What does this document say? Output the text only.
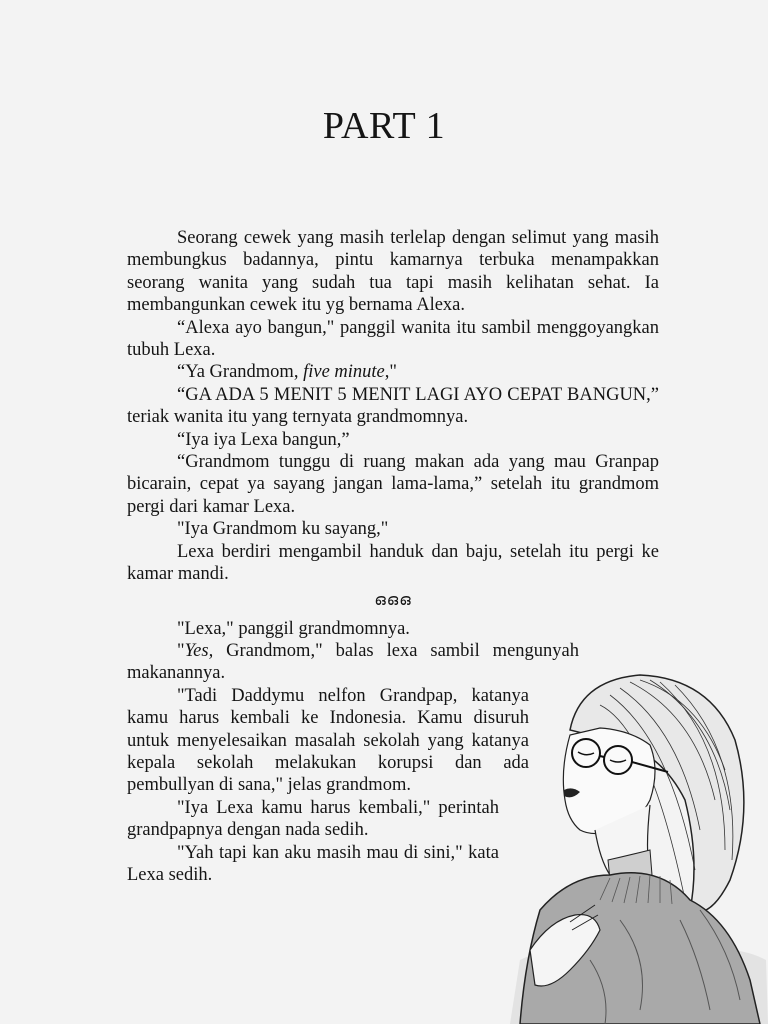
PART 1

Seorang cewek yang masih terlelap dengan selimut yang masih membungkus badannya, pintu kamarnya terbuka menampakkan seorang wanita yang sudah tua tapi masih kelihatan sehat. Ia membangunkan cewek itu yg bernama Alexa.

“Alexa ayo bangun," panggil wanita itu sambil menggoyangkan tubuh Lexa.

“Ya Grandmom, five minute,"

“GA ADA 5 MENIT 5 MENIT LAGI AYO CEPAT BANGUN,” teriak wanita itu yang ternyata grandmomnya.

“Iya iya Lexa bangun,”

“Grandmom tunggu di ruang makan ada yang mau Granpap bicarain, cepat ya sayang jangan lama-lama,” setelah itu grandmom pergi dari kamar Lexa.

"Iya Grandmom ku sayang,"

Lexa berdiri mengambil handuk dan baju, setelah itu pergi ke kamar mandi.

ഒഒഒ

"Lexa," panggil grandmomnya.

"Yes, Grandmom," balas lexa sambil mengunyah makanannya.

"Tadi Daddymu nelfon Grandpap, katanya kamu harus kembali ke Indonesia. Kamu disuruh untuk menyelesaikan masalah sekolah yang katanya kepala sekolah melakukan korupsi dan ada pembullyan di sana," jelas grandmom.

"Iya Lexa kamu harus kembali," perintah grandpapnya dengan nada sedih.

"Yah tapi kan aku masih mau di sini," kata Lexa sedih.
